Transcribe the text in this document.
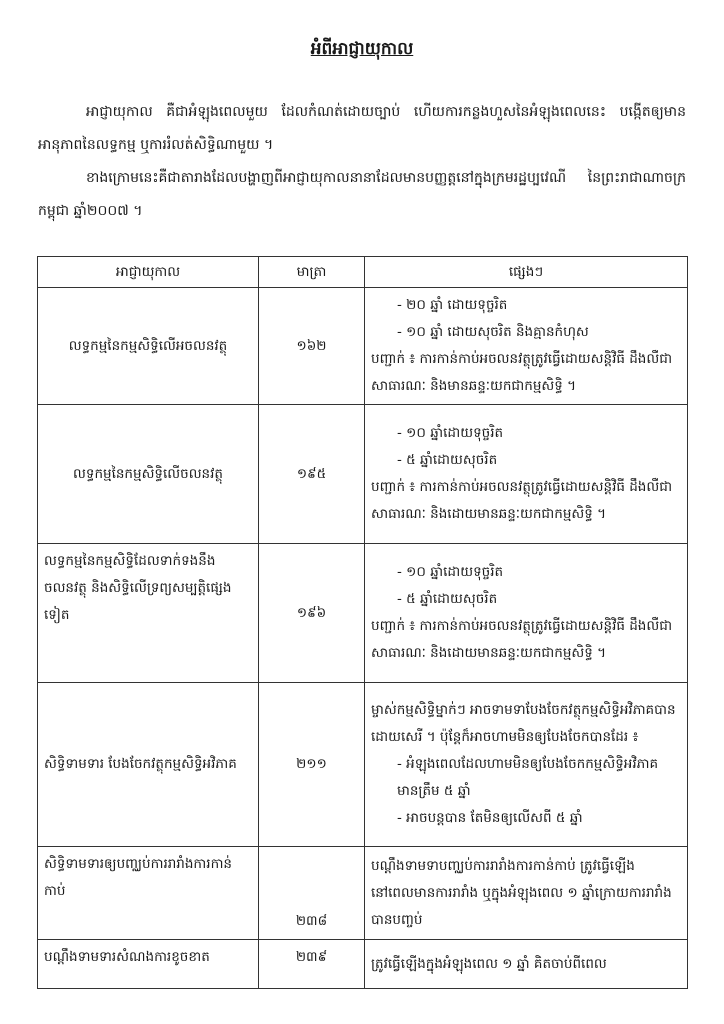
អំពីអាជ្ញាយុកាល
អាជ្ញាយុកាល គឺជាអំឡុងពេលមួយ ដែលកំណត់ដោយច្បាប់ ហើយការកន្លងហួសនៃអំឡុងពេលនេះ បង្កើតឲ្យមានអានុភាពនៃលទ្ធកម្ម ឬការរំលត់សិទ្ធិណាមួយ ។
ខាងក្រោមនេះគឺជាតារាងដែលបង្ហាញពីអាជ្ញាយុកាលនានាដែលមានបញ្ញត្តនៅក្នុងក្រមរដ្ឋប្បវេណី នៃព្រះរាជាណាចក្រកម្ពុជា ឆ្នាំ២០០៧ ។
អាជ្ញាយុកាល	មាត្រា	ផ្សេងៗ
លទ្ធកម្មនៃកម្មសិទ្ធិលើអចលនវត្ថុ	១៦២	- ២០ ឆ្នាំ ដោយទុច្ចរិត
- ១០ ឆ្នាំ ដោយសុចរិត និងគ្មានកំហុស
បញ្ជាក់ ៖ ការកាន់កាប់អចលនវត្ថុត្រូវធ្វើដោយសន្តិវិធី ដឹងលឺជាសាធារណៈ និងមានឆន្ទៈយកជាកម្មសិទ្ធិ ។

លទ្ធកម្មនៃកម្មសិទ្ធិលើចលនវត្ថុ	១៩៥	- ១០ ឆ្នាំដោយទុច្ចរិត
- ៥ ឆ្នាំដោយសុចរិត
បញ្ជាក់ ៖ ការកាន់កាប់អចលនវត្ថុត្រូវធ្វើដោយសន្តិវិធី ដឹងលឺជាសាធារណៈ និងដោយមានឆន្ទៈយកជាកម្មសិទ្ធិ ។

លទ្ធកម្មនៃកម្មសិទ្ធិដែលទាក់ទងនឹងចលនវត្ថុ និងសិទ្ធិលើទ្រព្យសម្បត្តិផ្សេងទៀត	១៩៦	- ១០ ឆ្នាំដោយទុច្ចរិត
- ៥ ឆ្នាំដោយសុចរិត
បញ្ជាក់ ៖ ការកាន់កាប់អចលនវត្ថុត្រូវធ្វើដោយសន្តិវិធី ដឹងលឺជាសាធារណៈ និងដោយមានឆន្ទៈយកជាកម្មសិទ្ធិ ។

សិទ្ធិទាមទារ បែងចែកវត្ថុកម្មសិទ្ធិអវិភាគ	២១១	ម្ចាស់កម្មសិទ្ធិម្នាក់ៗ អាចទាមទាបែងចែកវត្ថុកម្មសិទ្ធិអវិភាគបានដោយសេរី ។ ប៉ុន្តែក៏អាចហាមមិនឲ្យបែងចែកបានដែរ ៖
- អំឡុងពេលដែលហាមមិនឲ្យបែងចែកកម្មសិទ្ធិអវិភាគ មានត្រឹម ៥ ឆ្នាំ
- អាចបន្តបាន តែមិនឲ្យលើសពី ៥ ឆ្នាំ

សិទ្ធិទាមទារឲ្យបញ្ឈប់ការរារាំងការកាន់កាប់	២៣៨	បណ្តឹងទាមទាបញ្ឈប់ការរារាំងការកាន់កាប់ ត្រូវធ្វើឡើង នៅពេលមានការរារាំង ឬក្នុងអំឡុងពេល ១ ឆ្នាំក្រោយការរារាំងបានបញ្ចប់

បណ្តឹងទាមទារសំណងការខូចខាត	២៣៩	ត្រូវធ្វើឡើងក្នុងអំឡុងពេល ១ ឆ្នាំ គិតចាប់ពីពេល
